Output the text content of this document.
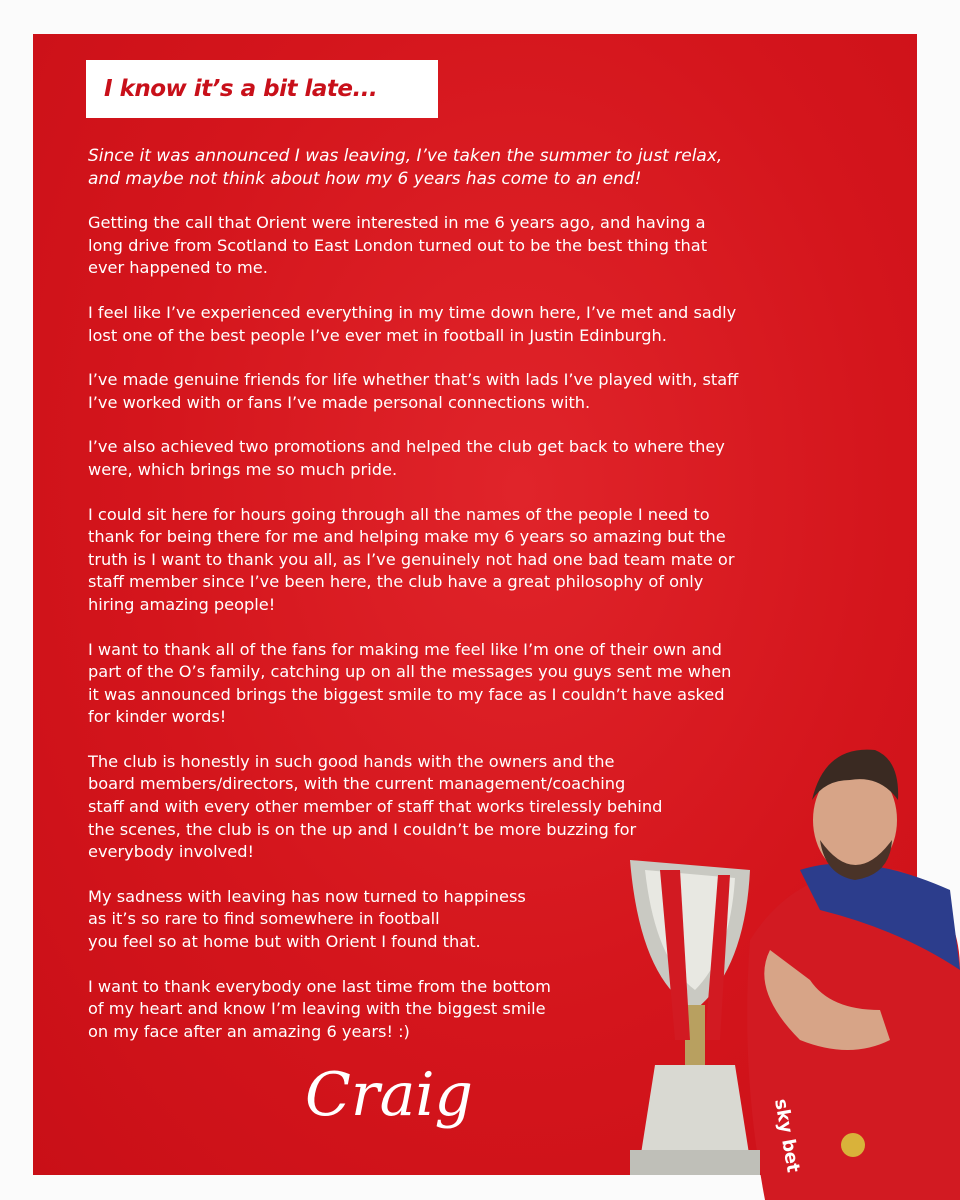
I know it’s a bit late...
Since it was announced I was leaving, I’ve taken the summer to just relax,
and maybe not think about how my 6 years has come to an end!
Getting the call that Orient were interested in me 6 years ago, and having a
long drive from Scotland to East London turned out to be the best thing that
ever happened to me.
I feel like I’ve experienced everything in my time down here, I’ve met and sadly
lost one of the best people I’ve ever met in football in Justin Edinburgh.
I’ve made genuine friends for life whether that’s with lads I’ve played with, staff
I’ve worked with or fans I’ve made personal connections with.
I’ve also achieved two promotions and helped the club get back to where they
were, which brings me so much pride.
I could sit here for hours going through all the names of the people I need to
thank for being there for me and helping make my 6 years so amazing but the
truth is I want to thank you all, as I’ve genuinely not had one bad team mate or
staff member since I’ve been here, the club have a great philosophy of only
hiring amazing people!
I want to thank all of the fans for making me feel like I’m one of their own and
part of the O’s family, catching up on all the messages you guys sent me when
it was announced brings the biggest smile to my face as I couldn’t have asked
for kinder words!
The club is honestly in such good hands with the owners and the
board members/directors, with the current management/coaching
staff and with every other member of staff that works tirelessly behind
the scenes, the club is on the up and I couldn’t be more buzzing for
everybody involved!
My sadness with leaving has now turned to happiness
as it’s so rare to find somewhere in football
you feel so at home but with Orient I found that.
I want to thank everybody one last time from the bottom
of my heart and know I’m leaving with the biggest smile
on my face after an amazing 6 years! :)
Craig
sky bet
